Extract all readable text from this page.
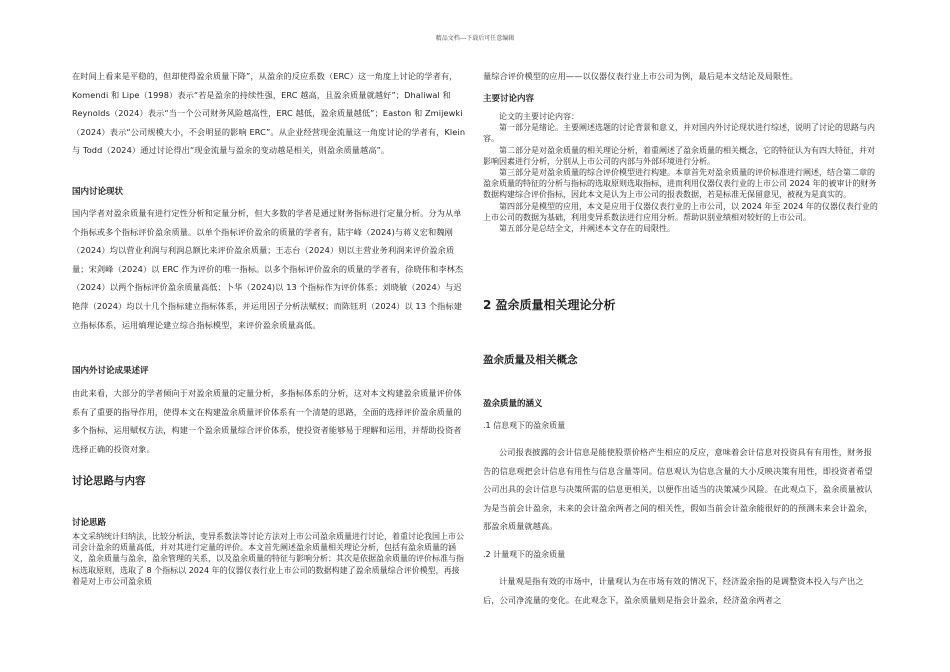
精品文档---下载后可任意编辑

在时间上看来是平稳的，但却使得盈余质量下降”，从盈余的反应系数（ERC）这一角度上讨论的学者有，Komendi 和 Lipe（1998）表示“若是盈余的持续性强，ERC 越高，且盈余质量就越好”；Dhaliwal 和 Reynolds（2024）表示“当一个公司财务风险越高性，ERC 越低，盈余质量越低”；Easton 和 Zmijewki（2024）表示“公司规模大小，不会明显的影响 ERC”。从企业经营现金流量这一角度讨论的学者有，Klein 与 Todd（2024）通过讨论得出“现金流量与盈余的变动越是相关，则盈余质量越高”。

国内讨论现状

国内学者对盈余质量有进行定性分析和定量分析，但大多数的学者是通过财务指标进行定量分析。分为从单个指标或多个指标评价盈余质量。以单个指标评价盈余的质量的学者有，陆宇峰（2024)与蒋义宏和魏刚（2024）均以营业利润与利润总额比来评价盈余质量；王志台（2024）则以主营业务利润来评价盈余质量；宋剑峰（2024）以 ERC 作为评价的唯一指标。以多个指标评价盈余的质量的学者有，徐晓伟和李林杰（2024）以两个指标评价盈余质量高低；卜华（2024)以 13 个指标作为评价体系；刘晓敏（2024）与迟艳萍（2024）均以十几个指标建立指标体系，并运用因子分析法赋权；而陈钰玥（2024）以 13 个指标建立指标体系，运用熵理论建立综合指标模型，来评价盈余质量高低。

国内外讨论成果述评

由此来看，大部分的学者倾向于对盈余质量的定量分析，多指标体系的分析，这对本文构建盈余质量评价体系有了重要的指导作用，使得本文在构建盈余质量评价体系有一个清楚的思路，全面的选择评价盈余质量的多个指标，运用赋权方法，构建一个盈余质量综合评价体系，使投资者能够易于理解和运用，并帮助投资者选择正确的投资对象。

讨论思路与内容
讨论思路

本文采纳统计归纳法，比较分析法，变异系数法等讨论方法对上市公司盈余质量进行讨论，着重讨论我国上市公司会计盈余的质量高低，并对其进行定量的评价。本文首先阐述盈余质量相关理论分析，包括有盈余质量的涵义，盈余质量与盈余，盈余管理的关系，以及盈余质量的特征与影响分析；其次是依据盈余质量的评价标准与指标选取原则，选取了 8 个指标以 2024 年的仪器仪表行业上市公司的数据构建了盈余质量综合评价模型，再接着是对上市公司盈余质

量综合评价模型的应用——以仪器仪表行业上市公司为例，最后是本文结论及局限性。

主要讨论内容

论文的主要讨论内容：

第一部分是绪论。主要阐述选题的讨论背景和意义，并对国内外讨论现状进行综述，说明了讨论的思路与内容。

第二部分是对盈余质量的相关理论分析，着重阐述了盈余质量的相关概念，它的特征认为有四大特征，并对影响因素进行分析，分别从上市公司的内部与外部环境进行分析。

第三部分是对盈余质量的综合评价模型进行构建。本章首先对盈余质量的评价标准进行阐述，结合第二章的盈余质量的特征的分析与指标的选取原则选取指标，进而利用仪器仪表行业的上市公司 2024 年的被审计的财务数据构建综合评价指标，因此本文是认为上市公司的报表数据，若是标准无保留意见，被视为是真实的。

第四部分是模型的应用，本文是应用于仪器仪表行业的上市公司，以 2024 年至 2024 年的仪器仪表行业的上市公司的数据为基础，利用变异系数法进行应用分析。帮助识别业绩相对较好的上市公司。

第五部分是总结全文，并阐述本文存在的局限性。

2 盈余质量相关理论分析
盈余质量及相关概念
盈余质量的涵义
.1 信息观下的盈余质量

公司报表披露的会计信息是能使股票价格产生相应的反应，意味着会计信息对投资具有有用性，财务报告的信息观把会计信息有用性与信息含量等同。信息观认为信息含量的大小反映决策有用性，即投资者希望公司出具的会计信息与决策所需的信息更相关，以便作出适当的决策减少风险。在此观点下，盈余质量被认为是当前会计盈余，未来的会计盈余两者之间的相关性，假如当前会计盈余能很好的的预测未来会计盈余，那盈余质量就越高。

.2 计量观下的盈余质量

计量观是指有效的市场中，计量观认为在市场有效的情况下，经济盈余指的是调整资本投入与产出之后，公司净流量的变化。在此观念下，盈余质量则是指会计盈余，经济盈余两者之
